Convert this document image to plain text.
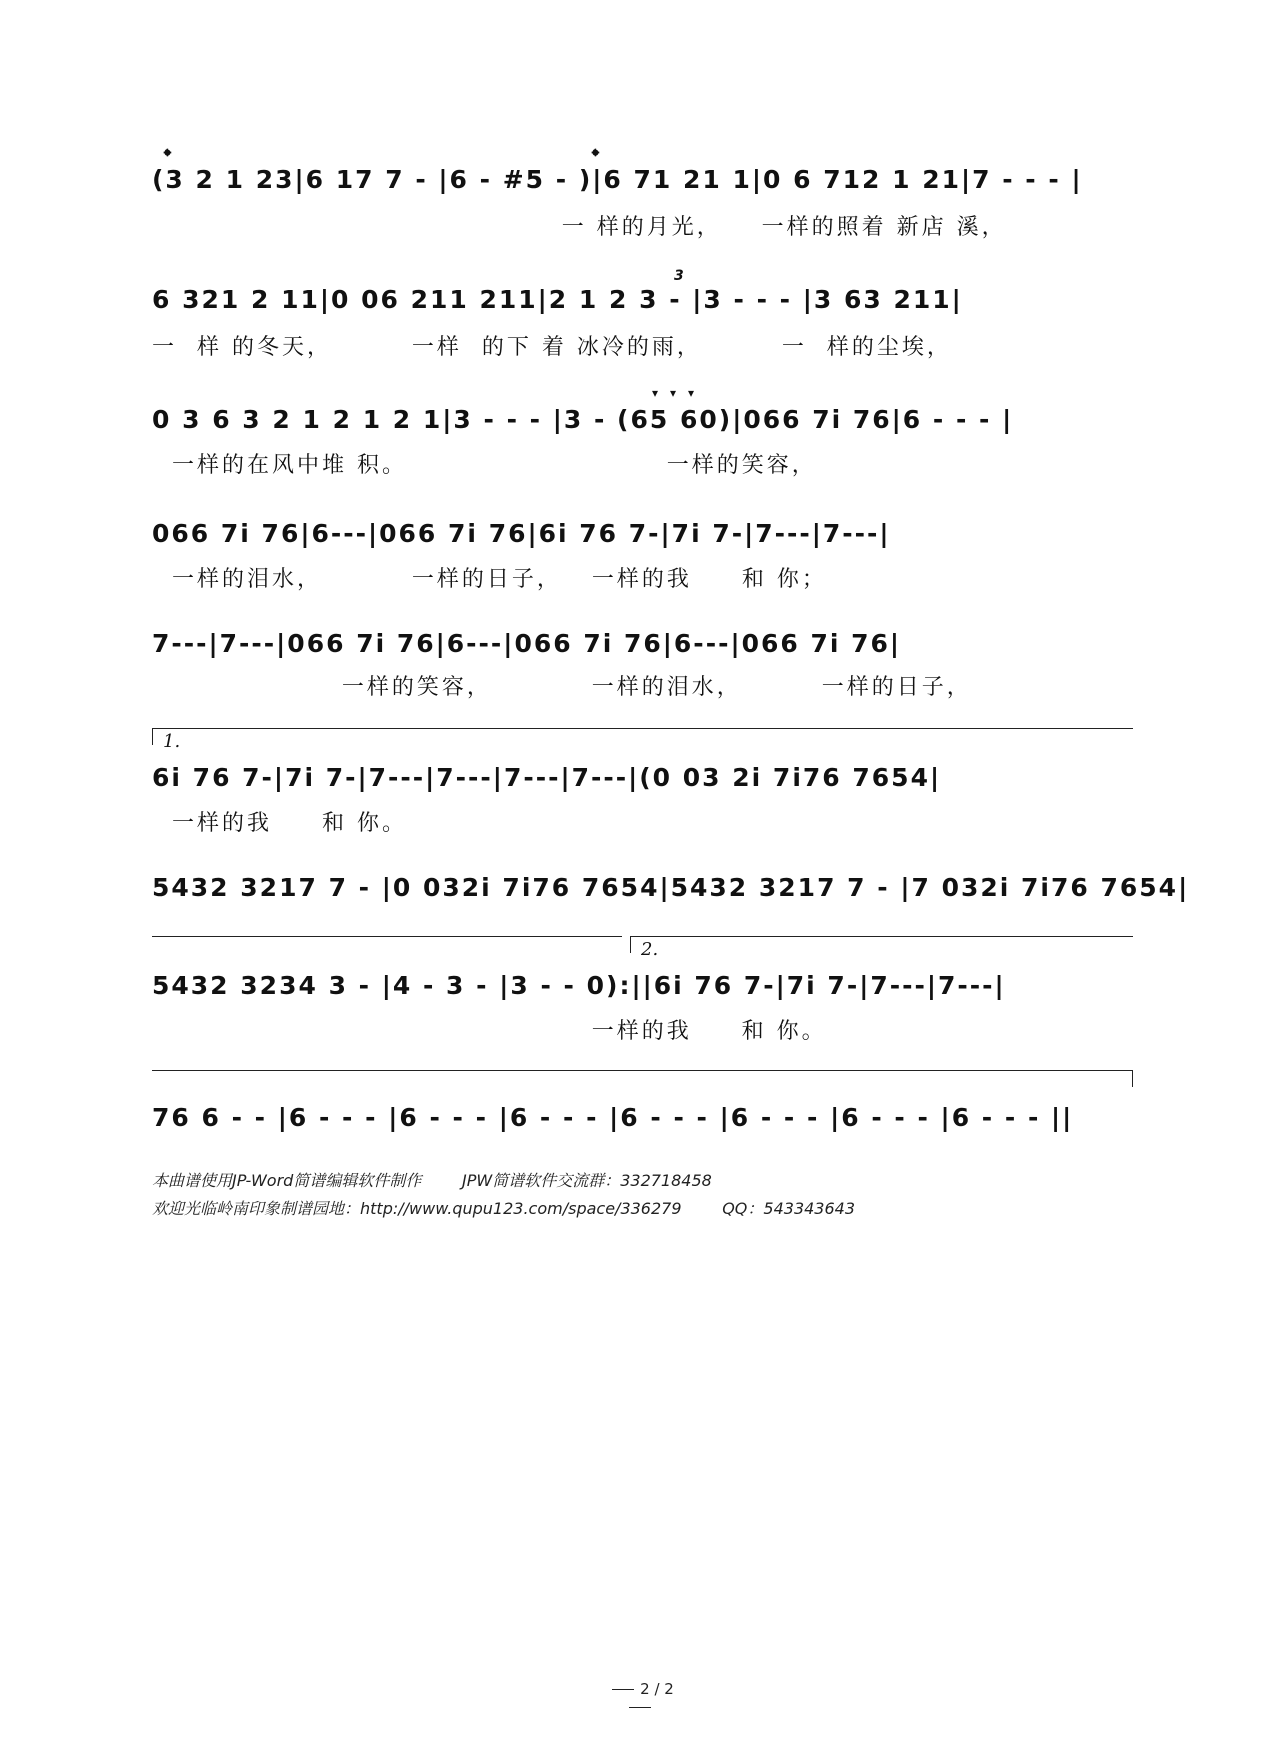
𝄌	𝄌
(3 2 1 23|6 17 7 - |6 - #5 - )|6 71 21 1|0 6 712 1 21|7 - - - |
一 样的月光，    一样的照着 新店 溪，
3
6 321 2 11|0 06 211 211|2 1 2 3 - |3 - - - |3 63 211|
一  样 的冬天，        一样  的下 着 冰冷的雨，        一  样的尘埃，
▾▾▾
0 3 6 3 2 1 2 1 2 1|3 - - - |3 - (65 60)|066 7i 76|6 - - - |
一样的在风中堆 积。                          一样的笑容，
066 7i 76|6---|066 7i 76|6i 76 7-|7i 7-|7---|7---|
一样的泪水，         一样的日子，   一样的我     和 你；
7---|7---|066 7i 76|6---|066 7i 76|6---|066 7i 76|
一样的笑容，          一样的泪水，        一样的日子，
1.
6i 76 7-|7i 7-|7---|7---|7---|7---|(0 03 2i 7i76 7654|
一样的我     和 你。
5432 3217 7 - |0 032i 7i76 7654|5432 3217 7 - |7 032i 7i76 7654|
2.
5432 3234 3 - |4 - 3 - |3 - - 0):||6i 76 7-|7i 7-|7---|7---|
一样的我     和 你。
76 6 - - |6 - - - |6 - - - |6 - - - |6 - - - |6 - - - |6 - - - |6 - - - ||
本曲谱使用JP-Word简谱编辑软件制作        JPW简谱软件交流群：332718458
欢迎光临岭南印象制谱园地：http://www.qupu123.com/space/336279        QQ：543343643
2 / 2
